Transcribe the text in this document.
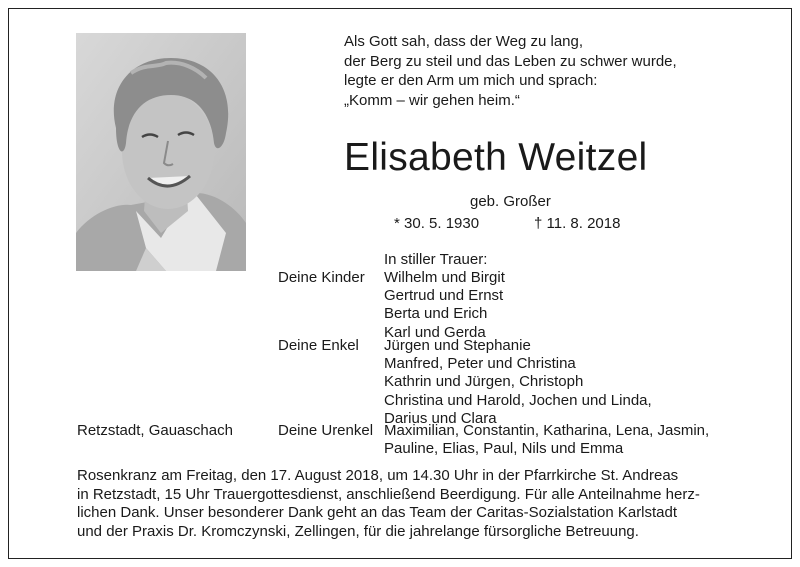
Als Gott sah, dass der Weg zu lang,
der Berg zu steil und das Leben zu schwer wurde,
legte er den Arm um mich und sprach:
„Komm – wir gehen heim.“
Elisabeth Weitzel
geb. Großer
* 30. 5. 1930	† 11. 8. 2018
In stiller Trauer:
Deine Kinder Wilhelm und Birgit
Gertrud und Ernst
Berta und Erich
Karl und Gerda
Deine Enkel Jürgen und Stephanie
Manfred, Peter und Christina
Kathrin und Jürgen, Christoph
Christina und Harold, Jochen und Linda,
Darius und Clara
Retzstadt, Gauaschach	Deine Urenkel Maximilian, Constantin, Katharina, Lena, Jasmin,
Pauline, Elias, Paul, Nils und Emma
Rosenkranz am Freitag, den 17. August 2018, um 14.30 Uhr in der Pfarrkirche St. Andreas
in Retzstadt, 15 Uhr Trauergottesdienst, anschließend Beerdigung. Für alle Anteilnahme herz-
lichen Dank. Unser besonderer Dank geht an das Team der Caritas-Sozialstation Karlstadt
und der Praxis Dr. Kromczynski, Zellingen, für die jahrelange fürsorgliche Betreuung.
